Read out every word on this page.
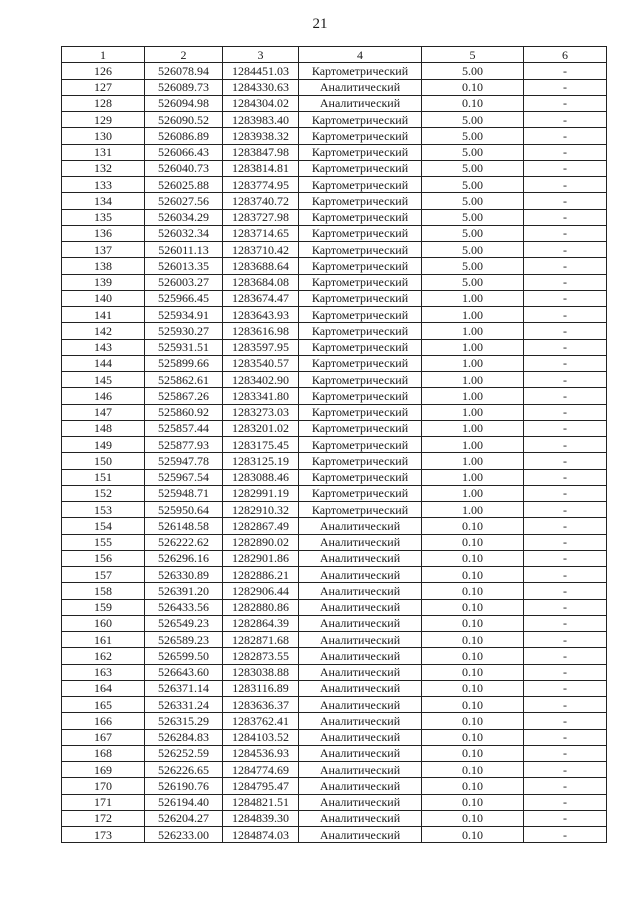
21
1	2	3	4	5	6
126	526078.94	1284451.03	Картометрический	5.00	-
127	526089.73	1284330.63	Аналитический	0.10	-
128	526094.98	1284304.02	Аналитический	0.10	-
129	526090.52	1283983.40	Картометрический	5.00	-
130	526086.89	1283938.32	Картометрический	5.00	-
131	526066.43	1283847.98	Картометрический	5.00	-
132	526040.73	1283814.81	Картометрический	5.00	-
133	526025.88	1283774.95	Картометрический	5.00	-
134	526027.56	1283740.72	Картометрический	5.00	-
135	526034.29	1283727.98	Картометрический	5.00	-
136	526032.34	1283714.65	Картометрический	5.00	-
137	526011.13	1283710.42	Картометрический	5.00	-
138	526013.35	1283688.64	Картометрический	5.00	-
139	526003.27	1283684.08	Картометрический	5.00	-
140	525966.45	1283674.47	Картометрический	1.00	-
141	525934.91	1283643.93	Картометрический	1.00	-
142	525930.27	1283616.98	Картометрический	1.00	-
143	525931.51	1283597.95	Картометрический	1.00	-
144	525899.66	1283540.57	Картометрический	1.00	-
145	525862.61	1283402.90	Картометрический	1.00	-
146	525867.26	1283341.80	Картометрический	1.00	-
147	525860.92	1283273.03	Картометрический	1.00	-
148	525857.44	1283201.02	Картометрический	1.00	-
149	525877.93	1283175.45	Картометрический	1.00	-
150	525947.78	1283125.19	Картометрический	1.00	-
151	525967.54	1283088.46	Картометрический	1.00	-
152	525948.71	1282991.19	Картометрический	1.00	-
153	525950.64	1282910.32	Картометрический	1.00	-
154	526148.58	1282867.49	Аналитический	0.10	-
155	526222.62	1282890.02	Аналитический	0.10	-
156	526296.16	1282901.86	Аналитический	0.10	-
157	526330.89	1282886.21	Аналитический	0.10	-
158	526391.20	1282906.44	Аналитический	0.10	-
159	526433.56	1282880.86	Аналитический	0.10	-
160	526549.23	1282864.39	Аналитический	0.10	-
161	526589.23	1282871.68	Аналитический	0.10	-
162	526599.50	1282873.55	Аналитический	0.10	-
163	526643.60	1283038.88	Аналитический	0.10	-
164	526371.14	1283116.89	Аналитический	0.10	-
165	526331.24	1283636.37	Аналитический	0.10	-
166	526315.29	1283762.41	Аналитический	0.10	-
167	526284.83	1284103.52	Аналитический	0.10	-
168	526252.59	1284536.93	Аналитический	0.10	-
169	526226.65	1284774.69	Аналитический	0.10	-
170	526190.76	1284795.47	Аналитический	0.10	-
171	526194.40	1284821.51	Аналитический	0.10	-
172	526204.27	1284839.30	Аналитический	0.10	-
173	526233.00	1284874.03	Аналитический	0.10	-
